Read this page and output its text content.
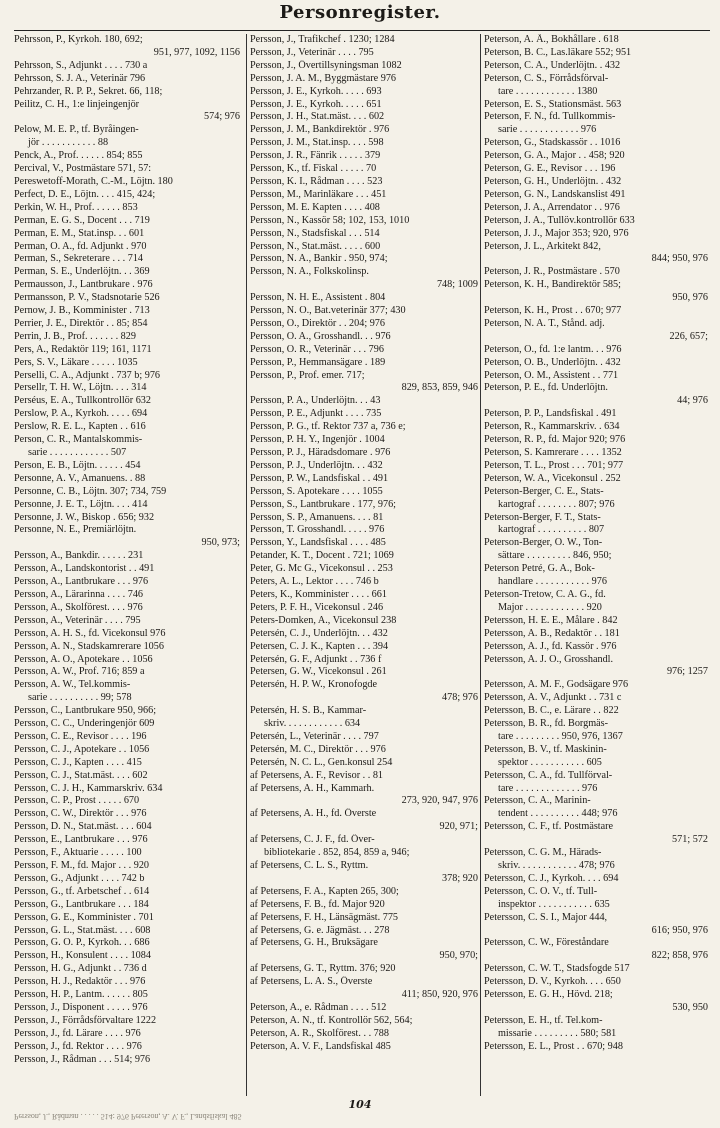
Personregister.
Pehrsson, P., Kyrkoh. 180, 692;
951, 977, 1092, 1156
Pehrsson, S., Adjunkt . . . . 730 a
Pehrsson, S. J. A., Veterinär 796
Pehrzander, R. P. P., Sekret. 66, 118;
Peilitz, C. H., 1:e linjeingenjör
574; 976
Pelow, M. E. P., tf. Byråingen-
jör . . . . . . . . . . . 88
Penck, A., Prof. . . . . . 854; 855
Percival, V., Postmästare 571, 57:
Pereswetoff-Morath, C.-M., Löjtn. 180
Perfect, D. E., Löjtn. . . . 415, 424;
Perkin, W. H., Prof. . . . . . 853
Perman, E. G. S., Docent . . . 719
Perman, E. M., Stat.insp. . . 601
Perman, O. A., fd. Adjunkt . 970
Perman, S., Sekreterare . . . 714
Perman, S. E., Underlöjtn. . . 369
Permausson, J., Lantbrukare . 976
Permansson, P. V., Stadsnotarie 526
Pernow, J. B., Komminister . 713
Perrier, J. E., Direktör . . 85; 854
Perrin, J. B., Prof. . . . . . . 829
Pers, A., Redaktör 119; 161, 1171
Pers, S. V., Läkare . . . . . 1035
Perselli, C. A., Adjunkt . 737 b; 976
Persellr, T. H. W., Löjtn. . . . 314
Perséus, E. A., Tullkontrollör 632
Perslow, P. A., Kyrkoh. . . . . 694
Perslow, R. E. L., Kapten . . 616
Person, C. R., Mantalskommis-
sarie . . . . . . . . . . . . 507
Person, E. B., Löjtn. . . . . . 454
Personne, A. V., Amanuens. . 88
Personne, C. B., Löjtn. 307; 734, 759
Personne, J. E. T., Löjtn. . . . 414
Personne, J. W., Biskop . 656; 932
Personne, N. E., Premiärlöjtn.
950, 973;
Persson, A., Bankdir. . . . . . 231
Persson, A., Landskontorist . . 491
Persson, A., Lantbrukare . . . 976
Persson, A., Lärarinna . . . . 746
Persson, A., Skolförest. . . . 976
Persson, A., Veterinär . . . . 795
Persson, A. H. S., fd. Vicekonsul 976
Persson, A. N., Stadskamrerare 1056
Persson, A. O., Apotekare . . 1056
Persson, A. W., Prof. 716; 859 a
Persson, A. W., Tel.kommis-
sarie . . . . . . . . . . 99; 578
Persson, C., Lantbrukare 950, 966;
Persson, C. C., Underingenjör 609
Persson, C. E., Revisor . . . . 196
Persson, C. J., Apotekare . . 1056
Persson, C. J., Kapten . . . . 415
Persson, C. J., Stat.mäst. . . . 602
Persson, C. J. H., Kammarskriv. 634
Persson, C. P., Prost . . . . . 670
Persson, C. W., Direktör . . . 976
Persson, D. N., Stat.mäst. . . . 604
Persson, E., Lantbrukare . . . 976
Persson, F., Aktuarie . . . . . 100
Persson, F. M., fd. Major . . . 920
Persson, G., Adjunkt . . . . 742 b
Persson, G., tf. Arbetschef . . 614
Persson, G., Lantbrukare . . . 184
Persson, G. E., Komminister . 701
Persson, G. L., Stat.mäst. . . . 608
Persson, G. O. P., Kyrkoh. . . 686
Persson, H., Konsulent . . . . 1084
Persson, H. G., Adjunkt . . 736 d
Persson, H. J., Redaktör . . . 976
Persson, H. P., Lantm. . . . . . 805
Persson, J., Disponent . . . . . 976
Persson, J., Förrådsförvaltare 1222
Persson, J., fd. Lärare . . . . 976
Persson, J., fd. Rektor . . . . 976
Persson, J., Rådman . . . 514; 976
Persson, J., Trafikchef . 1230; 1284
Persson, J., Veterinär . . . . 795
Persson, J., Övertillsyningsman 1082
Persson, J. A. M., Byggmästare 976
Persson, J. E., Kyrkoh. . . . . 693
Persson, J. E., Kyrkoh. . . . . 651
Persson, J. H., Stat.mäst. . . . 602
Persson, J. M., Bankdirektör . 976
Persson, J. M., Stat.insp. . . . 598
Persson, J. R., Fänrik . . . . . 379
Persson, K., tf. Fiskal . . . . . 70
Persson, K. I., Rådman . . . . 523
Persson, M., Marinläkare . . . 451
Persson, M. E. Kapten . . . . 408
Persson, N., Kassör 58; 102, 153, 1010
Persson, N., Stadsfiskal . . . 514
Persson, N., Stat.mäst. . . . . 600
Persson, N. A., Bankir . 950, 974;
Persson, N. A., Folkskolinsp.
748; 1009
Persson, N. H. E., Assistent . 804
Persson, N. O., Bat.veterinär 377; 430
Persson, O., Direktör . . 204; 976
Persson, O. A., Grosshandl. . . 976
Persson, O. R., Veterinär . . . 796
Persson, P., Hemmansägare . 189
Persson, P., Prof. emer. 717;
829, 853, 859, 946
Persson, P. A., Underlöjtn. . . 43
Persson, P. E., Adjunkt . . . . 735
Persson, P. G., tf. Rektor 737 a, 736 e;
Persson, P. H. Y., Ingenjör . 1004
Persson, P. J., Häradsdomare . 976
Persson, P. J., Underlöjtn. . . 432
Persson, P. W., Landsfiskal . . 491
Persson, S. Apotekare . . . . 1055
Persson, S., Lantbrukare . 177, 976;
Persson, S. P., Amanuens. . . . 81
Persson, T. Grosshandl. . . . . 976
Persson, Y., Landsfiskal . . . . 485
Petander, K. T., Docent . 721; 1069
Peter, G. Mc G., Vicekonsul . . 253
Peters, A. L., Lektor . . . . 746 b
Peters, K., Komminister . . . . 661
Peters, P. F. H., Vicekonsul . 246
Peters-Domken, A., Vicekonsul 238
Petersén, C. J., Underlöjtn. . . 432
Petersen, C. J. K., Kapten . . . 394
Petersén, G. F., Adjunkt . . 736 f
Petersen, G. W., Vicekonsul . 261
Petersén, H. P. W., Kronofogde
478; 976
Petersén, H. S. B., Kammar-
skriv. . . . . . . . . . . . 634
Petersén, L., Veterinär . . . . 797
Petersén, M. C., Direktör . . . 976
Petersén, N. C. L., Gen.konsul 254
af Petersens, A. F., Revisor . . 81
af Petersens, A. H., Kammarh.
273, 920, 947, 976
af Petersens, A. H., fd. Överste
920, 971;
af Petersens, C. J. F., fd. Över-
bibliotekarie . 852, 854, 859 a, 946;
af Petersens, C. L. S., Ryttm.
378; 920
af Petersens, F. A., Kapten 265, 300;
af Petersens, F. B., fd. Major 920
af Petersens, F. H., Länsägmäst. 775
af Petersens, G. e. Jägmäst. . . 278
af Petersens, G. H., Bruksägare
950, 970;
af Petersens, G. T., Ryttm. 376; 920
af Petersens, L. A. S., Överste
411; 850, 920, 976
Peterson, A., e. Rådman . . . . 512
Peterson, A. N., tf. Kontrollör 562, 564;
Peterson, A. R., Skolförest. . . 788
Peterson, A. V. F., Landsfiskal 485
Peterson, A. Å., Bokhållare . 618
Peterson, B. C., Las.läkare 552; 951
Peterson, C. A., Underlöjtn. . 432
Peterson, C. S., Förrådsförval-
tare . . . . . . . . . . . . 1380
Peterson, E. S., Stationsmäst. 563
Peterson, F. N., fd. Tullkommis-
sarie . . . . . . . . . . . . 976
Peterson, G., Stadskassör . . 1016
Peterson, G. A., Major . . 458; 920
Peterson, G. E., Revisor . . . 196
Peterson, G. H., Underlöjtn. . 432
Peterson, G. N., Landskanslist 491
Peterson, J. A., Arrendator . . 976
Peterson, J. A., Tullöv.kontrollör 633
Peterson, J. J., Major 353; 920, 976
Peterson, J. L., Arkitekt 842,
844; 950, 976
Peterson, J. R., Postmästare . 570
Peterson, K. H., Bandirektör 585;
950, 976
Peterson, K. H., Prost . . 670; 977
Peterson, N. A. T., Stånd. adj.
226, 657;
Peterson, O., fd. 1:e lantm. . . 976
Peterson, O. B., Underlöjtn. . 432
Peterson, O. M., Assistent . . 771
Peterson, P. E., fd. Underlöjtn.
44; 976
Peterson, P. P., Landsfiskal . 491
Peterson, R., Kammarskriv. . 634
Peterson, R. P., fd. Major 920; 976
Peterson, S. Kamrerare . . . . 1352
Peterson, T. L., Prost . . . 701; 977
Peterson, W. A., Vicekonsul . 252
Peterson-Berger, C. E., Stats-
kartograf . . . . . . . . 807; 976
Peterson-Berger, F. T., Stats-
kartograf . . . . . . . . . . 807
Peterson-Berger, O. W., Ton-
sättare . . . . . . . . . 846, 950;
Peterson Petré, G. A., Bok-
handlare . . . . . . . . . . . 976
Peterson-Tretow, C. A. G., fd.
Major . . . . . . . . . . . . 920
Petersson, H. E. E., Målare . 842
Petersson, A. B., Redaktör . . 181
Petersson, A. J., fd. Kassör . 976
Petersson, A. J. O., Grosshandl.
976; 1257
Petersson, A. M. F., Godsägare 976
Petersson, A. V., Adjunkt . . 731 c
Petersson, B. C., e. Lärare . . 822
Petersson, B. R., fd. Borgmäs-
tare . . . . . . . . . 950, 976, 1367
Petersson, B. V., tf. Maskinin-
spektor . . . . . . . . . . . 605
Petersson, C. A., fd. Tullförval-
tare . . . . . . . . . . . . . 976
Petersson, C. A., Marinin-
tendent . . . . . . . . . . 448; 976
Petersson, C. F., tf. Postmästare
571; 572
Petersson, C. G. M., Härads-
skriv. . . . . . . . . . . . 478; 976
Petersson, C. J., Kyrkoh. . . . 694
Petersson, C. O. V., tf. Tull-
inspektor . . . . . . . . . . . 635
Petersson, C. S. I., Major 444,
616; 950, 976
Petersson, C. W., Föreståndare
822; 858, 976
Petersson, C. W. T., Stadsfogde 517
Petersson, D. V., Kyrkoh. . . . 650
Petersson, E. G. H., Hövd. 218;
530, 950
Petersson, E. H., tf. Tel.kom-
missarie . . . . . . . . . 580; 581
Petersson, E. L., Prost . . 670; 948
104
Persson, J., Rådman . . . . . 514: 976 Peterson, A. V. F., Landsfiskal 485
